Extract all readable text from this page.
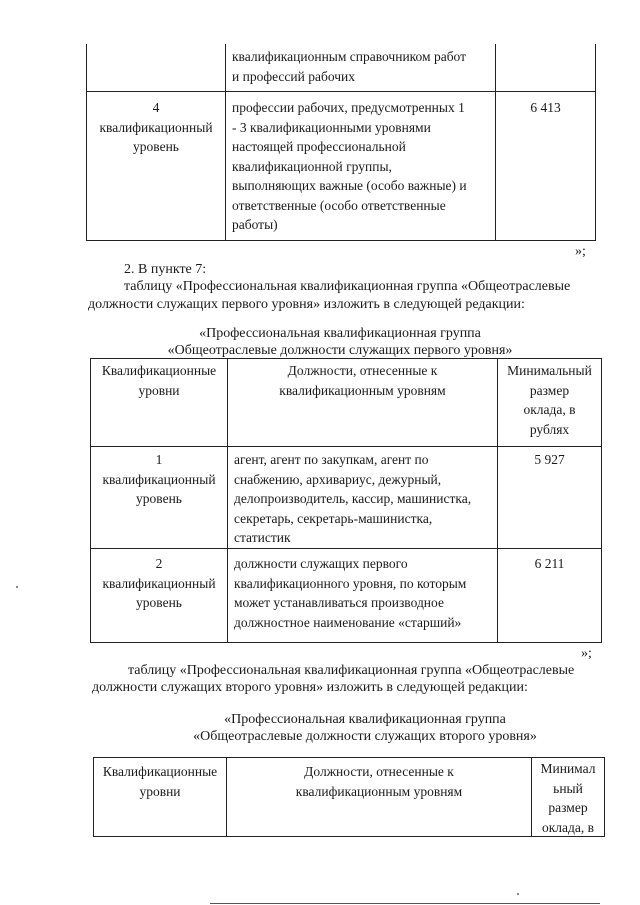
квалификационным справочником работ
и профессий рабочих
4
квалификационный
уровень
профессии рабочих, предусмотренных 1
- 3 квалификационными уровнями
настоящей профессиональной
квалификационной группы,
выполняющих важные (особо важные) и
ответственные (особо ответственные
работы)
6 413
»;
2. В пункте 7:
таблицу «Профессиональная квалификационная группа «Общеотраслевые
должности служащих первого уровня» изложить в следующей редакции:
«Профессиональная квалификационная группа
«Общеотраслевые должности служащих первого уровня»
Квалификационные
уровни
Должности, отнесенные к
квалификационным уровням
Минимальный
размер
оклада, в
рублях
1
квалификационный
уровень
агент, агент по закупкам, агент по
снабжению, архивариус, дежурный,
делопроизводитель, кассир, машинистка,
секретарь, секретарь-машинистка,
статистик
5 927
2
квалификационный
уровень
должности служащих первого
квалификационного уровня, по которым
может устанавливаться производное
должностное наименование «старший»
6 211
»;
таблицу «Профессиональная квалификационная группа «Общеотраслевые
должности служащих второго уровня» изложить в следующей редакции:
«Профессиональная квалификационная группа
«Общеотраслевые должности служащих второго уровня»
Квалификационные
уровни
Должности, отнесенные к
квалификационным уровням
Минимал
ьный
размер
оклада, в
